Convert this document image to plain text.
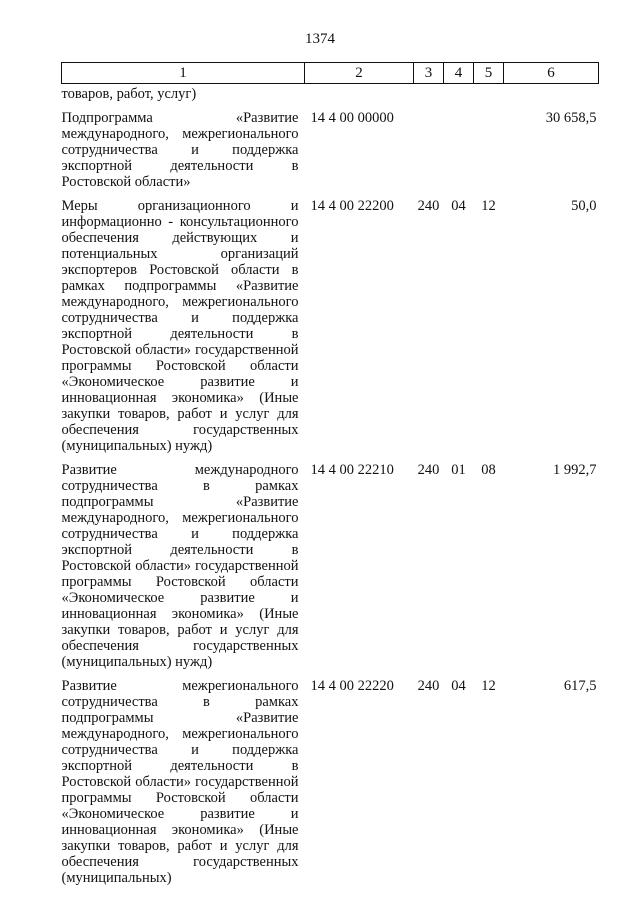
1374
1	2	3	4	5	6
товаров, работ, услуг)					
Подпрограмма «Развитие международного, межрегионального сотрудничества и поддержка экспортной деятельности в Ростовской области»	14 4 00 00000				30 658,5
Меры организационного и информационно - консультационного обеспечения действующих и потенциальных организаций экспортеров Ростовской области в рамках подпрограммы «Развитие международного, межрегионального сотрудничества и поддержка экспортной деятельности в Ростовской области» государственной программы Ростовской области «Экономическое развитие и инновационная экономика» (Иные закупки товаров, работ и услуг для обеспечения государственных (муниципальных) нужд)	14 4 00 22200	240	04	12	50,0
Развитие международного сотрудничества в рамках подпрограммы «Развитие международного, межрегионального сотрудничества и поддержка экспортной деятельности в Ростовской области» государственной программы Ростовской области «Экономическое развитие и инновационная экономика» (Иные закупки товаров, работ и услуг для обеспечения государственных (муниципальных) нужд)	14 4 00 22210	240	01	08	1 992,7
Развитие межрегионального сотрудничества в рамках подпрограммы «Развитие международного, межрегионального сотрудничества и поддержка экспортной деятельности в Ростовской области» государственной программы Ростовской области «Экономическое развитие и инновационная экономика» (Иные закупки товаров, работ и услуг для обеспечения государственных (муниципальных)	14 4 00 22220	240	04	12	617,5
